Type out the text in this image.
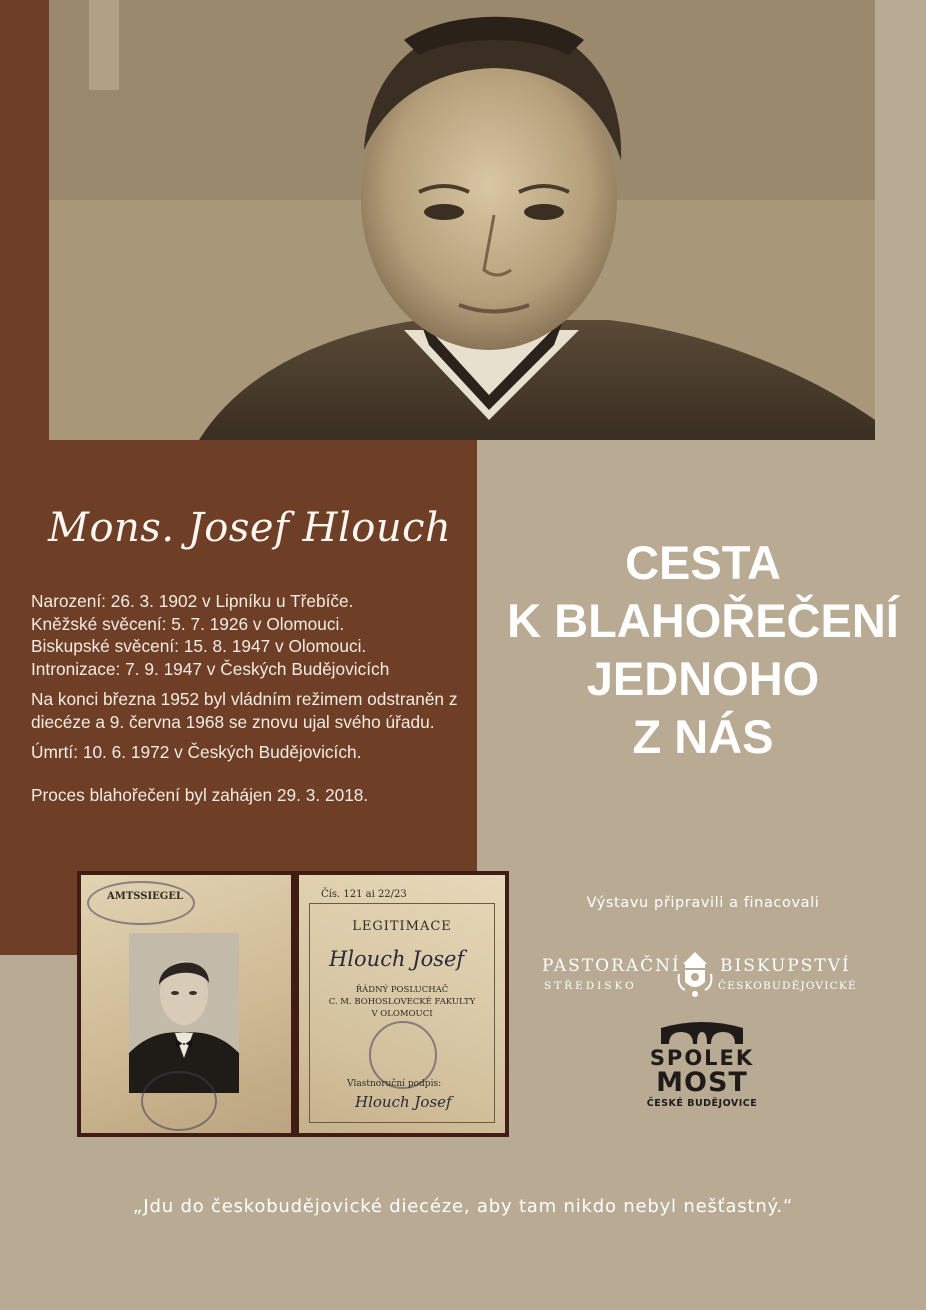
Mons. Josef Hlouch

Narození: 26. 3. 1902 v Lipníku u Třebíče.

Kněžské svěcení: 5. 7. 1926 v Olomouci.

Biskupské svěcení: 15. 8. 1947 v Olomouci.

Intronizace: 7. 9. 1947 v Českých Budějovicích

Na konci března 1952 byl vládním režimem odstraněn z diecéze a 9. června 1968 se znovu ujal svého úřadu.

Úmrtí: 10. 6. 1972 v Českých Budějovicích.

Proces blahořečení byl zahájen 29. 3. 2018.

CESTA
K BLAHOŘEČENÍ
JEDNOHO
Z NÁS
AMTSSIEGEL	Čís. 121 ai 22/23
LEGITIMACE
Hlouch Josef
ŘÁDNÝ POSLUCHAČ
C. M. BOHOSLOVECKÉ FAKULTY
V OLOMOUCI
Vlastnoruční podpis:
Hlouch Josef
Výstavu připravili a finacovali
PASTORAČNÍ
STŘEDISKO
BISKUPSTVÍ
ČESKOBUDĚJOVICKÉ
SPOLEK
MOST
ČESKÉ BUDĚJOVICE
„Jdu do českobudějovické diecéze, aby tam nikdo nebyl nešťastný.“
